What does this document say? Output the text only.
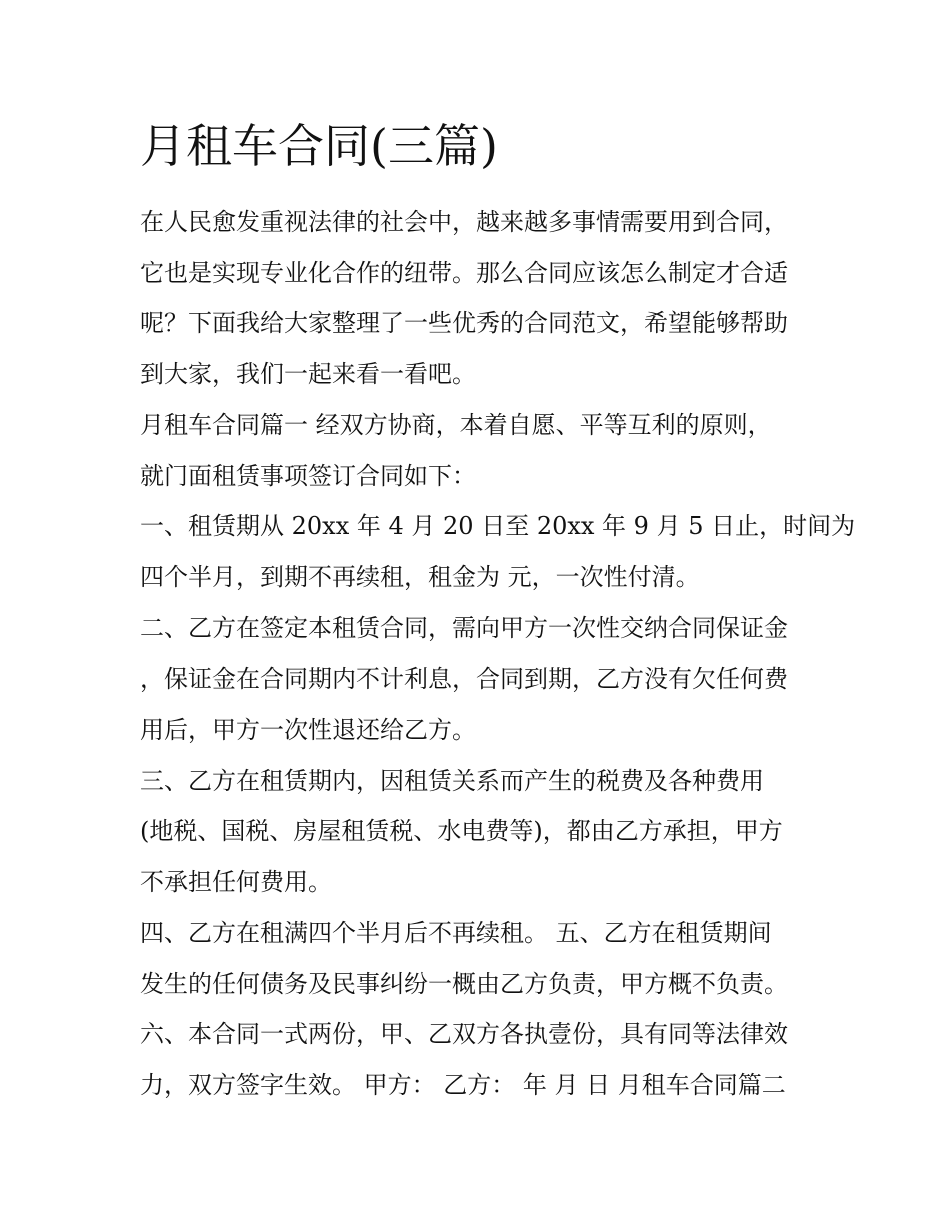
月租车合同(三篇)

在人民愈发重视法律的社会中，越来越多事情需要用到合同，

它也是实现专业化合作的纽带。那么合同应该怎么制定才合适

呢？下面我给大家整理了一些优秀的合同范文，希望能够帮助

到大家，我们一起来看一看吧。

月租车合同篇一 经双方协商，本着自愿、平等互利的原则，

就门面租赁事项签订合同如下：

一、租赁期从 20xx 年 4 月 20 日至 20xx 年 9 月 5 日止，时间为

四个半月，到期不再续租，租金为 元，一次性付清。

二、乙方在签定本租赁合同，需向甲方一次性交纳合同保证金

，保证金在合同期内不计利息，合同到期，乙方没有欠任何费

用后，甲方一次性退还给乙方。

三、乙方在租赁期内，因租赁关系而产生的税费及各种费用

(地税、国税、房屋租赁税、水电费等)，都由乙方承担，甲方

不承担任何费用。

四、乙方在租满四个半月后不再续租。 五、乙方在租赁期间

发生的任何债务及民事纠纷一概由乙方负责，甲方概不负责。

六、本合同一式两份，甲、乙双方各执壹份，具有同等法律效

力，双方签字生效。 甲方： 乙方： 年 月 日 月租车合同篇二
